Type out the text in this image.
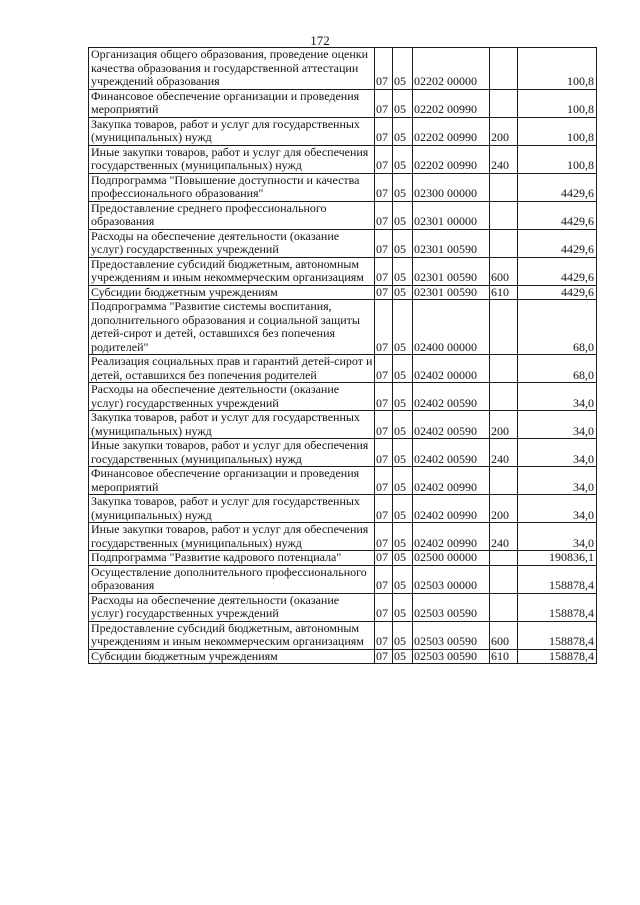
172
Организация общего образования, проведение оценки качества образования и государственной аттестации учреждений образования	07	05	02202 00000		100,8
Финансовое обеспечение организации и проведения мероприятий	07	05	02202 00990		100,8
Закупка товаров, работ и услуг для государственных (муниципальных) нужд	07	05	02202 00990	200	100,8
Иные закупки товаров, работ и услуг для обеспечения государственных (муниципальных) нужд	07	05	02202 00990	240	100,8
Подпрограмма "Повышение доступности и качества профессионального образования"	07	05	02300 00000		4429,6
Предоставление среднего профессионального образования	07	05	02301 00000		4429,6
Расходы на обеспечение деятельности (оказание услуг) государственных учреждений	07	05	02301 00590		4429,6
Предоставление субсидий бюджетным, автономным учреждениям и иным некоммерческим организациям	07	05	02301 00590	600	4429,6
Субсидии бюджетным учреждениям	07	05	02301 00590	610	4429,6
Подпрограмма "Развитие системы воспитания, дополнительного образования и социальной защиты детей-сирот и детей, оставшихся без попечения родителей"	07	05	02400 00000		68,0
Реализация социальных прав и гарантий детей-сирот и детей, оставшихся без попечения родителей	07	05	02402 00000		68,0
Расходы на обеспечение деятельности (оказание услуг) государственных учреждений	07	05	02402 00590		34,0
Закупка товаров, работ и услуг для государственных (муниципальных) нужд	07	05	02402 00590	200	34,0
Иные закупки товаров, работ и услуг для обеспечения государственных (муниципальных) нужд	07	05	02402 00590	240	34,0
Финансовое обеспечение организации и проведения мероприятий	07	05	02402 00990		34,0
Закупка товаров, работ и услуг для государственных (муниципальных) нужд	07	05	02402 00990	200	34,0
Иные закупки товаров, работ и услуг для обеспечения государственных (муниципальных) нужд	07	05	02402 00990	240	34,0
Подпрограмма "Развитие кадрового потенциала"	07	05	02500 00000		190836,1
Осуществление дополнительного профессионального образования	07	05	02503 00000		158878,4
Расходы на обеспечение деятельности (оказание услуг) государственных учреждений	07	05	02503 00590		158878,4
Предоставление субсидий бюджетным, автономным учреждениям и иным некоммерческим организациям	07	05	02503 00590	600	158878,4
Субсидии бюджетным учреждениям	07	05	02503 00590	610	158878,4
